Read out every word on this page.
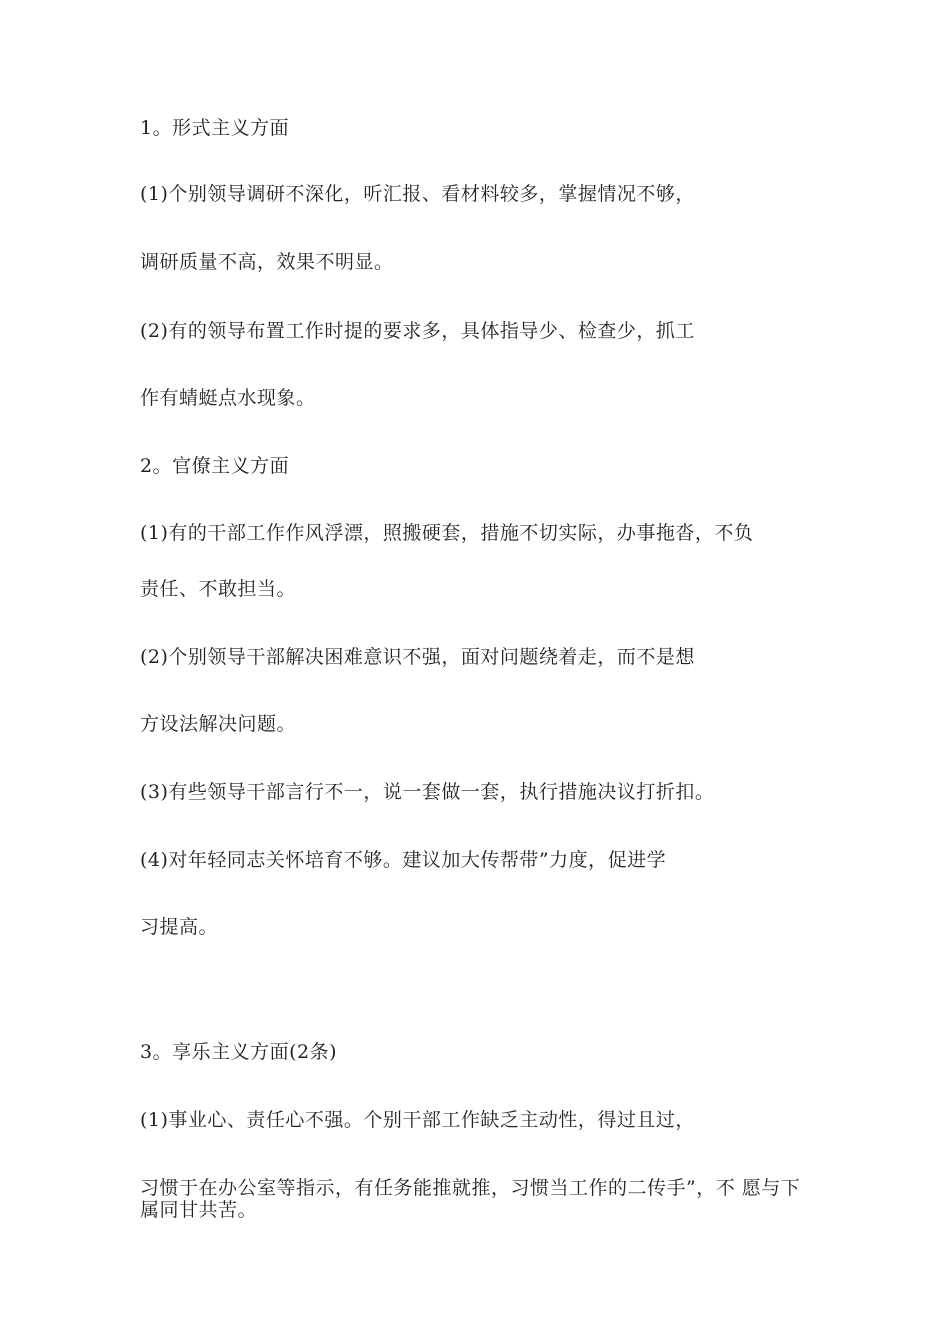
1。形式主义方面
(1)个别领导调研不深化，听汇报、看材料较多，掌握情况不够，
调研质量不高，效果不明显。
(2)有的领导布置工作时提的要求多，具体指导少、检查少，抓工
作有蜻蜓点水现象。
2。官僚主义方面
(1)有的干部工作作风浮漂，照搬硬套，措施不切实际，办事拖沓，不负
责任、不敢担当。
(2)个别领导干部解决困难意识不强，面对问题绕着走，而不是想
方设法解决问题。
(3)有些领导干部言行不一，说一套做一套，执行措施决议打折扣。
(4)对年轻同志关怀培育不够。建议加大传帮带”力度，促进学
习提高。
3。享乐主义方面(2条)
(1)事业心、责任心不强。个别干部工作缺乏主动性，得过且过，
习惯于在办公室等指示，有任务能推就推，习惯当工作的二传手”，不 愿与下属同甘共苦。
